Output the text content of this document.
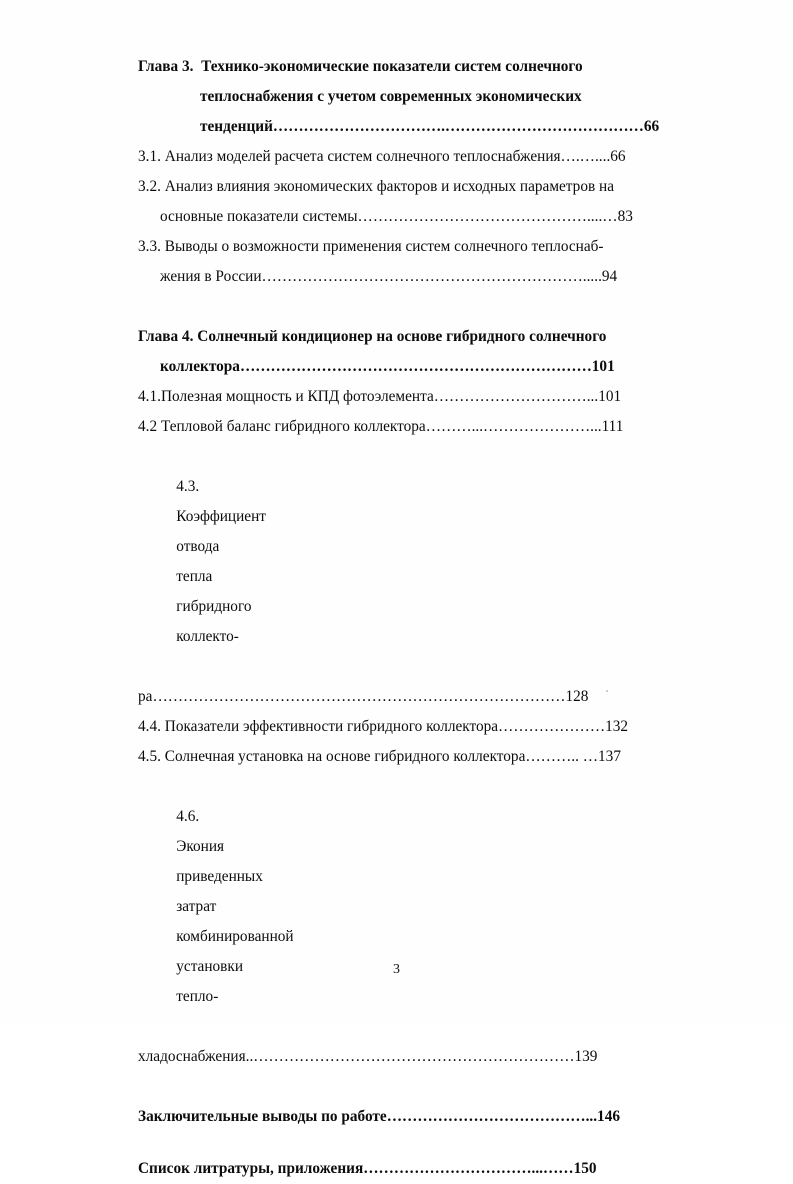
Глава 3.  Технико-экономические показатели систем солнечного
теплоснабжения с учетом современных экономических
тенденций…………………………….…………………………………66
3.1. Анализ моделей расчета систем солнечного теплоснабжения….…....66
3.2. Анализ влияния экономических факторов и исходных параметров на
основные показатели системы………………………………………....…83
3.3. Выводы о возможности применения систем солнечного теплоснаб-
жения в России……………………………………………………….....94
Глава 4. Солнечный кондиционер на основе гибридного солнечного
коллектора……………………………………………………………101
4.1.Полезная мощность и КПД фотоэлемента…………………………...101
4.2 Тепловой баланс гибридного коллектора………...…………………...111

4.3.
Коэффициент
отвода
тепла
гибридного
коллекто-

ра………………………………………………………………………128
4.4. Показатели эффективности гибридного коллектора…………………132
4.5. Солнечная установка на основе гибридного коллектора……….. …137

4.6.
Экония
приведенных
затрат
комбинированной
установки
тепло-

хладоснабжения..………………………………………………………139
Заключительные выводы по работе…………………………………...146
Список литратуры, приложения……………………………...……150
3
